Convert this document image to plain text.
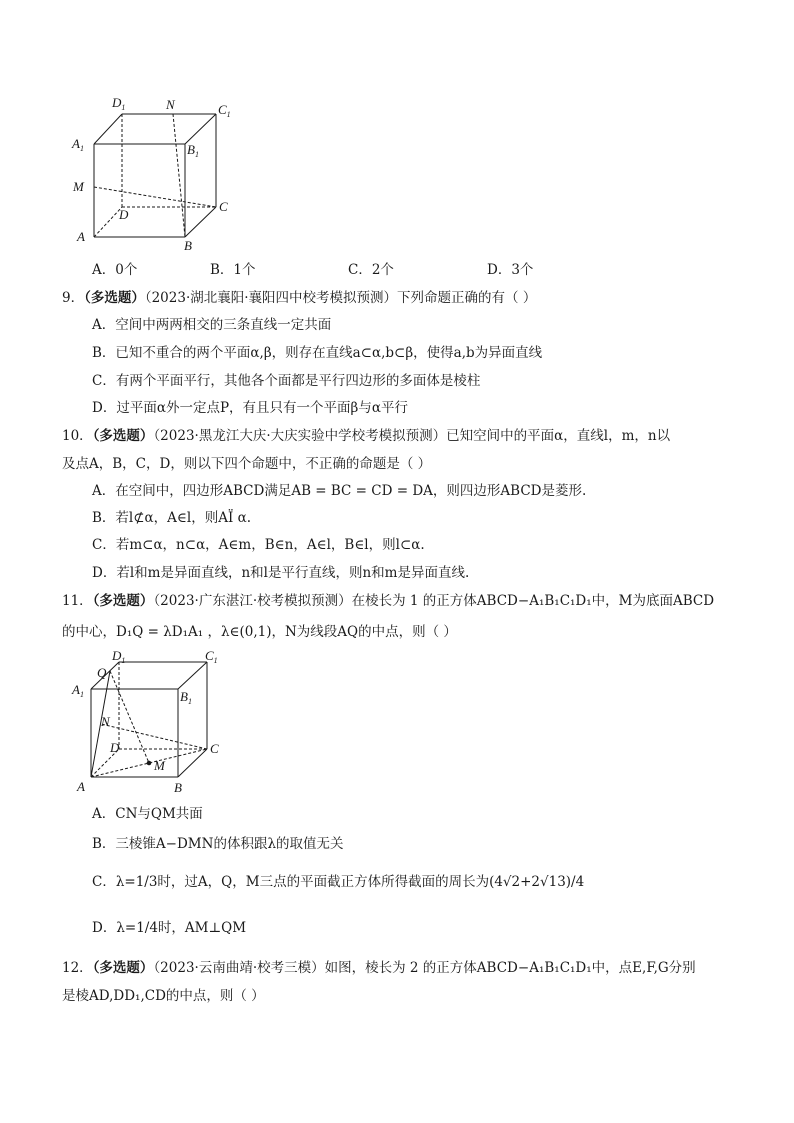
$D_1$	N	$C_1$
$A_1$	$B_1$
M
D
C
A
B
A．0个	B．1个	C．2个	D．3个
9．（多选题）（2023·湖北襄阳·襄阳四中校考模拟预测）下列命题正确的有（ ）
A．空间中两两相交的三条直线一定共面
B．已知不重合的两个平面α,β，则存在直线a⊂α,b⊂β，使得a,b为异面直线
C．有两个平面平行，其他各个面都是平行四边形的多面体是棱柱
D．过平面α外一定点P，有且只有一个平面β与α平行
10．（多选题）（2023·黑龙江大庆·大庆实验中学校考模拟预测）已知空间中的平面α，直线l，m，n以
及点A，B，C，D，则以下四个命题中，不正确的命题是（ ）
A．在空间中，四边形ABCD满足AB = BC = CD = DA，则四边形ABCD是菱形.
B．若l⊄α，A∈l，则AÏ α.
C．若m⊂α，n⊂α，A∈m，B∈n，A∈l，B∈l，则l⊂α.
D．若l和m是异面直线，n和l是平行直线，则n和m是异面直线.
11．（多选题）（2023·广东湛江·校考模拟预测）在棱长为 1 的正方体ABCD−A₁B₁C₁D₁中，M为底面ABCD
的中心，D₁Q = λD₁A₁ ，λ∈(0,1)，N为线段AQ的中点，则（ ）
$D_1$	$C_1$
Q
$A_1$	$B_1$
N
D	C
M
A	B
A．CN与QM共面
B．三棱锥A−DMN的体积跟λ的取值无关
C．λ=1/3时，过A，Q，M三点的平面截正方体所得截面的周长为(4√2+2√13)/4
D．λ=1/4时，AM⊥QM
12．（多选题）（2023·云南曲靖·校考三模）如图，棱长为 2 的正方体ABCD−A₁B₁C₁D₁中，点E,F,G分别
是棱AD,DD₁,CD的中点，则（ ）
